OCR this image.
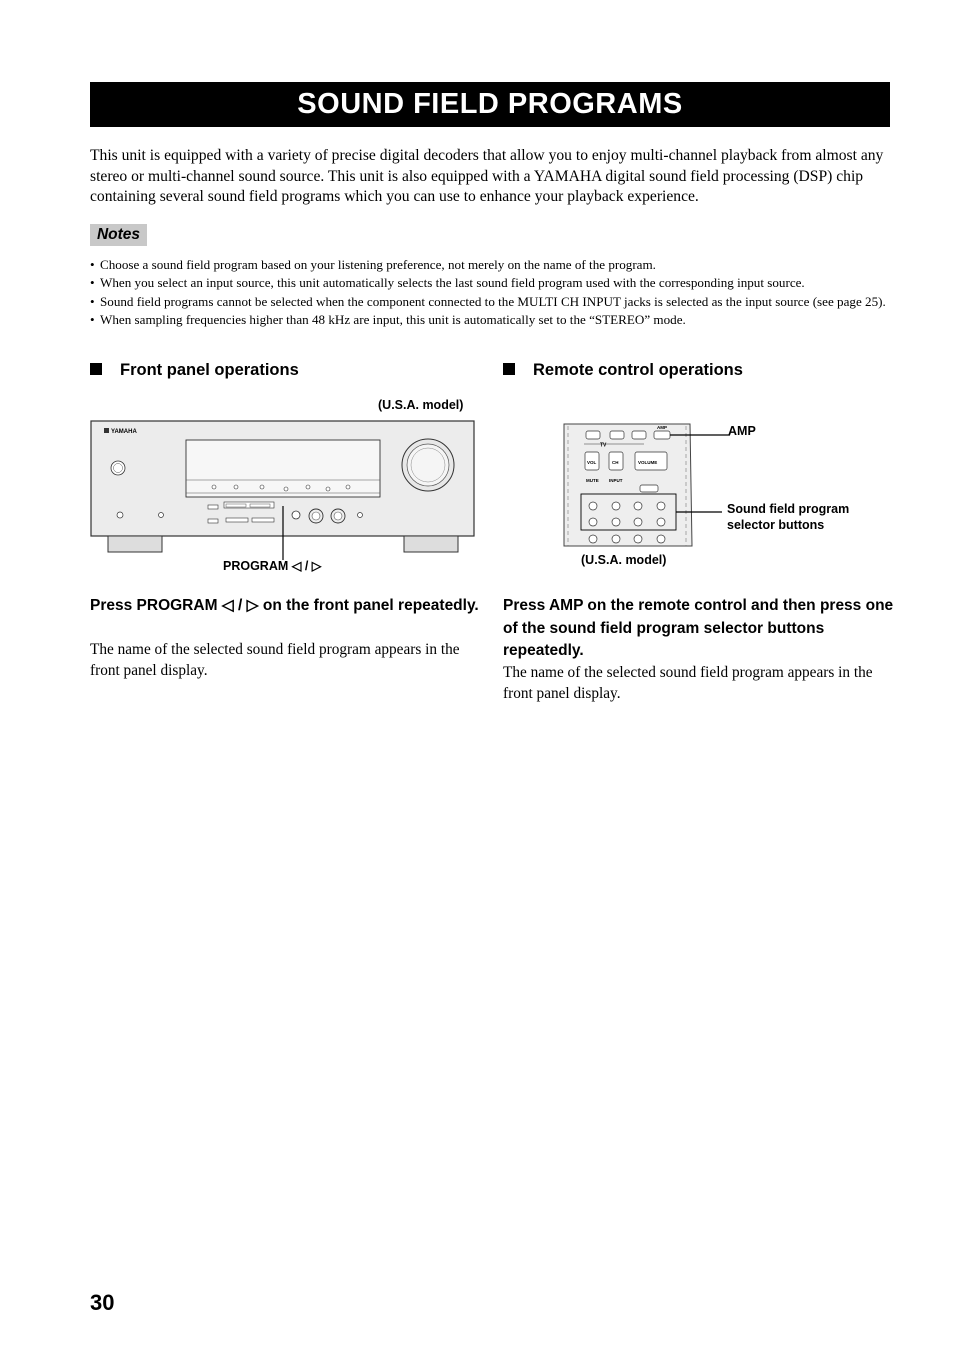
SOUND FIELD PROGRAMS

This unit is equipped with a variety of precise digital decoders that allow you to enjoy multi-channel playback from almost any stereo or multi-channel sound source. This unit is also equipped with a YAMAHA digital sound field processing (DSP) chip containing several sound field programs which you can use to enhance your playback experience.

Notes
• Choose a sound field program based on your listening preference, not merely on the name of the program.
• When you select an input source, this unit automatically selects the last sound field program used with the corresponding input source.
• Sound field programs cannot be selected when the component connected to the MULTI CH INPUT jacks is selected as the input source (see page 25).
• When sampling frequencies higher than 48 kHz are input, this unit is automatically set to the “STEREO” mode.
Front panel operations
(U.S.A. model)
YAMAHA
PROGRAM ◁ / ▷
Press PROGRAM ◁ / ▷ on the front panel repeatedly.
The name of the selected sound field program appears in the front panel display.
Remote control operations
AMP
TV
VOL	CH	VOLUME
MUTE INPUT
AMP
Sound field program
selector buttons
(U.S.A. model)
Press AMP on the remote control and then press one of the sound field program selector buttons repeatedly.
The name of the selected sound field program appears in the front panel display.
30
